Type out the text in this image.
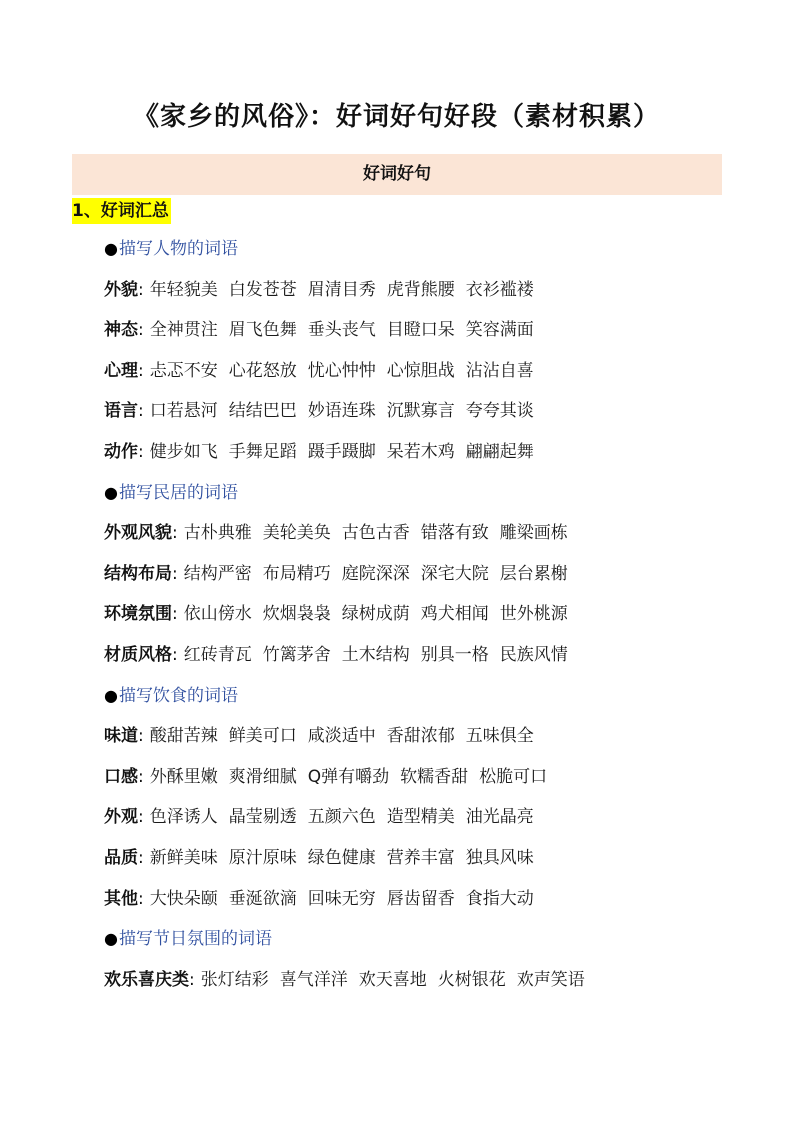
《家乡的风俗》：好词好句好段（素材积累）
好词好句
1、好词汇总
●描写人物的词语
外貌: 年轻貌美 白发苍苍 眉清目秀 虎背熊腰 衣衫褴褛
神态: 全神贯注 眉飞色舞 垂头丧气 目瞪口呆 笑容满面
心理: 忐忑不安 心花怒放 忧心忡忡 心惊胆战 沾沾自喜
语言: 口若悬河 结结巴巴 妙语连珠 沉默寡言 夸夸其谈
动作: 健步如飞 手舞足蹈 蹑手蹑脚 呆若木鸡 翩翩起舞
●描写民居的词语
外观风貌: 古朴典雅 美轮美奂 古色古香 错落有致 雕梁画栋
结构布局: 结构严密 布局精巧 庭院深深 深宅大院 层台累榭
环境氛围: 依山傍水 炊烟袅袅 绿树成荫 鸡犬相闻 世外桃源
材质风格: 红砖青瓦 竹篱茅舍 土木结构 别具一格 民族风情
●描写饮食的词语
味道: 酸甜苦辣 鲜美可口 咸淡适中 香甜浓郁 五味俱全
口感: 外酥里嫩 爽滑细腻 Q弹有嚼劲 软糯香甜 松脆可口
外观: 色泽诱人 晶莹剔透 五颜六色 造型精美 油光晶亮
品质: 新鲜美味 原汁原味 绿色健康 营养丰富 独具风味
其他: 大快朵颐 垂涎欲滴 回味无穷 唇齿留香 食指大动
●描写节日氛围的词语
欢乐喜庆类: 张灯结彩 喜气洋洋 欢天喜地 火树银花 欢声笑语
